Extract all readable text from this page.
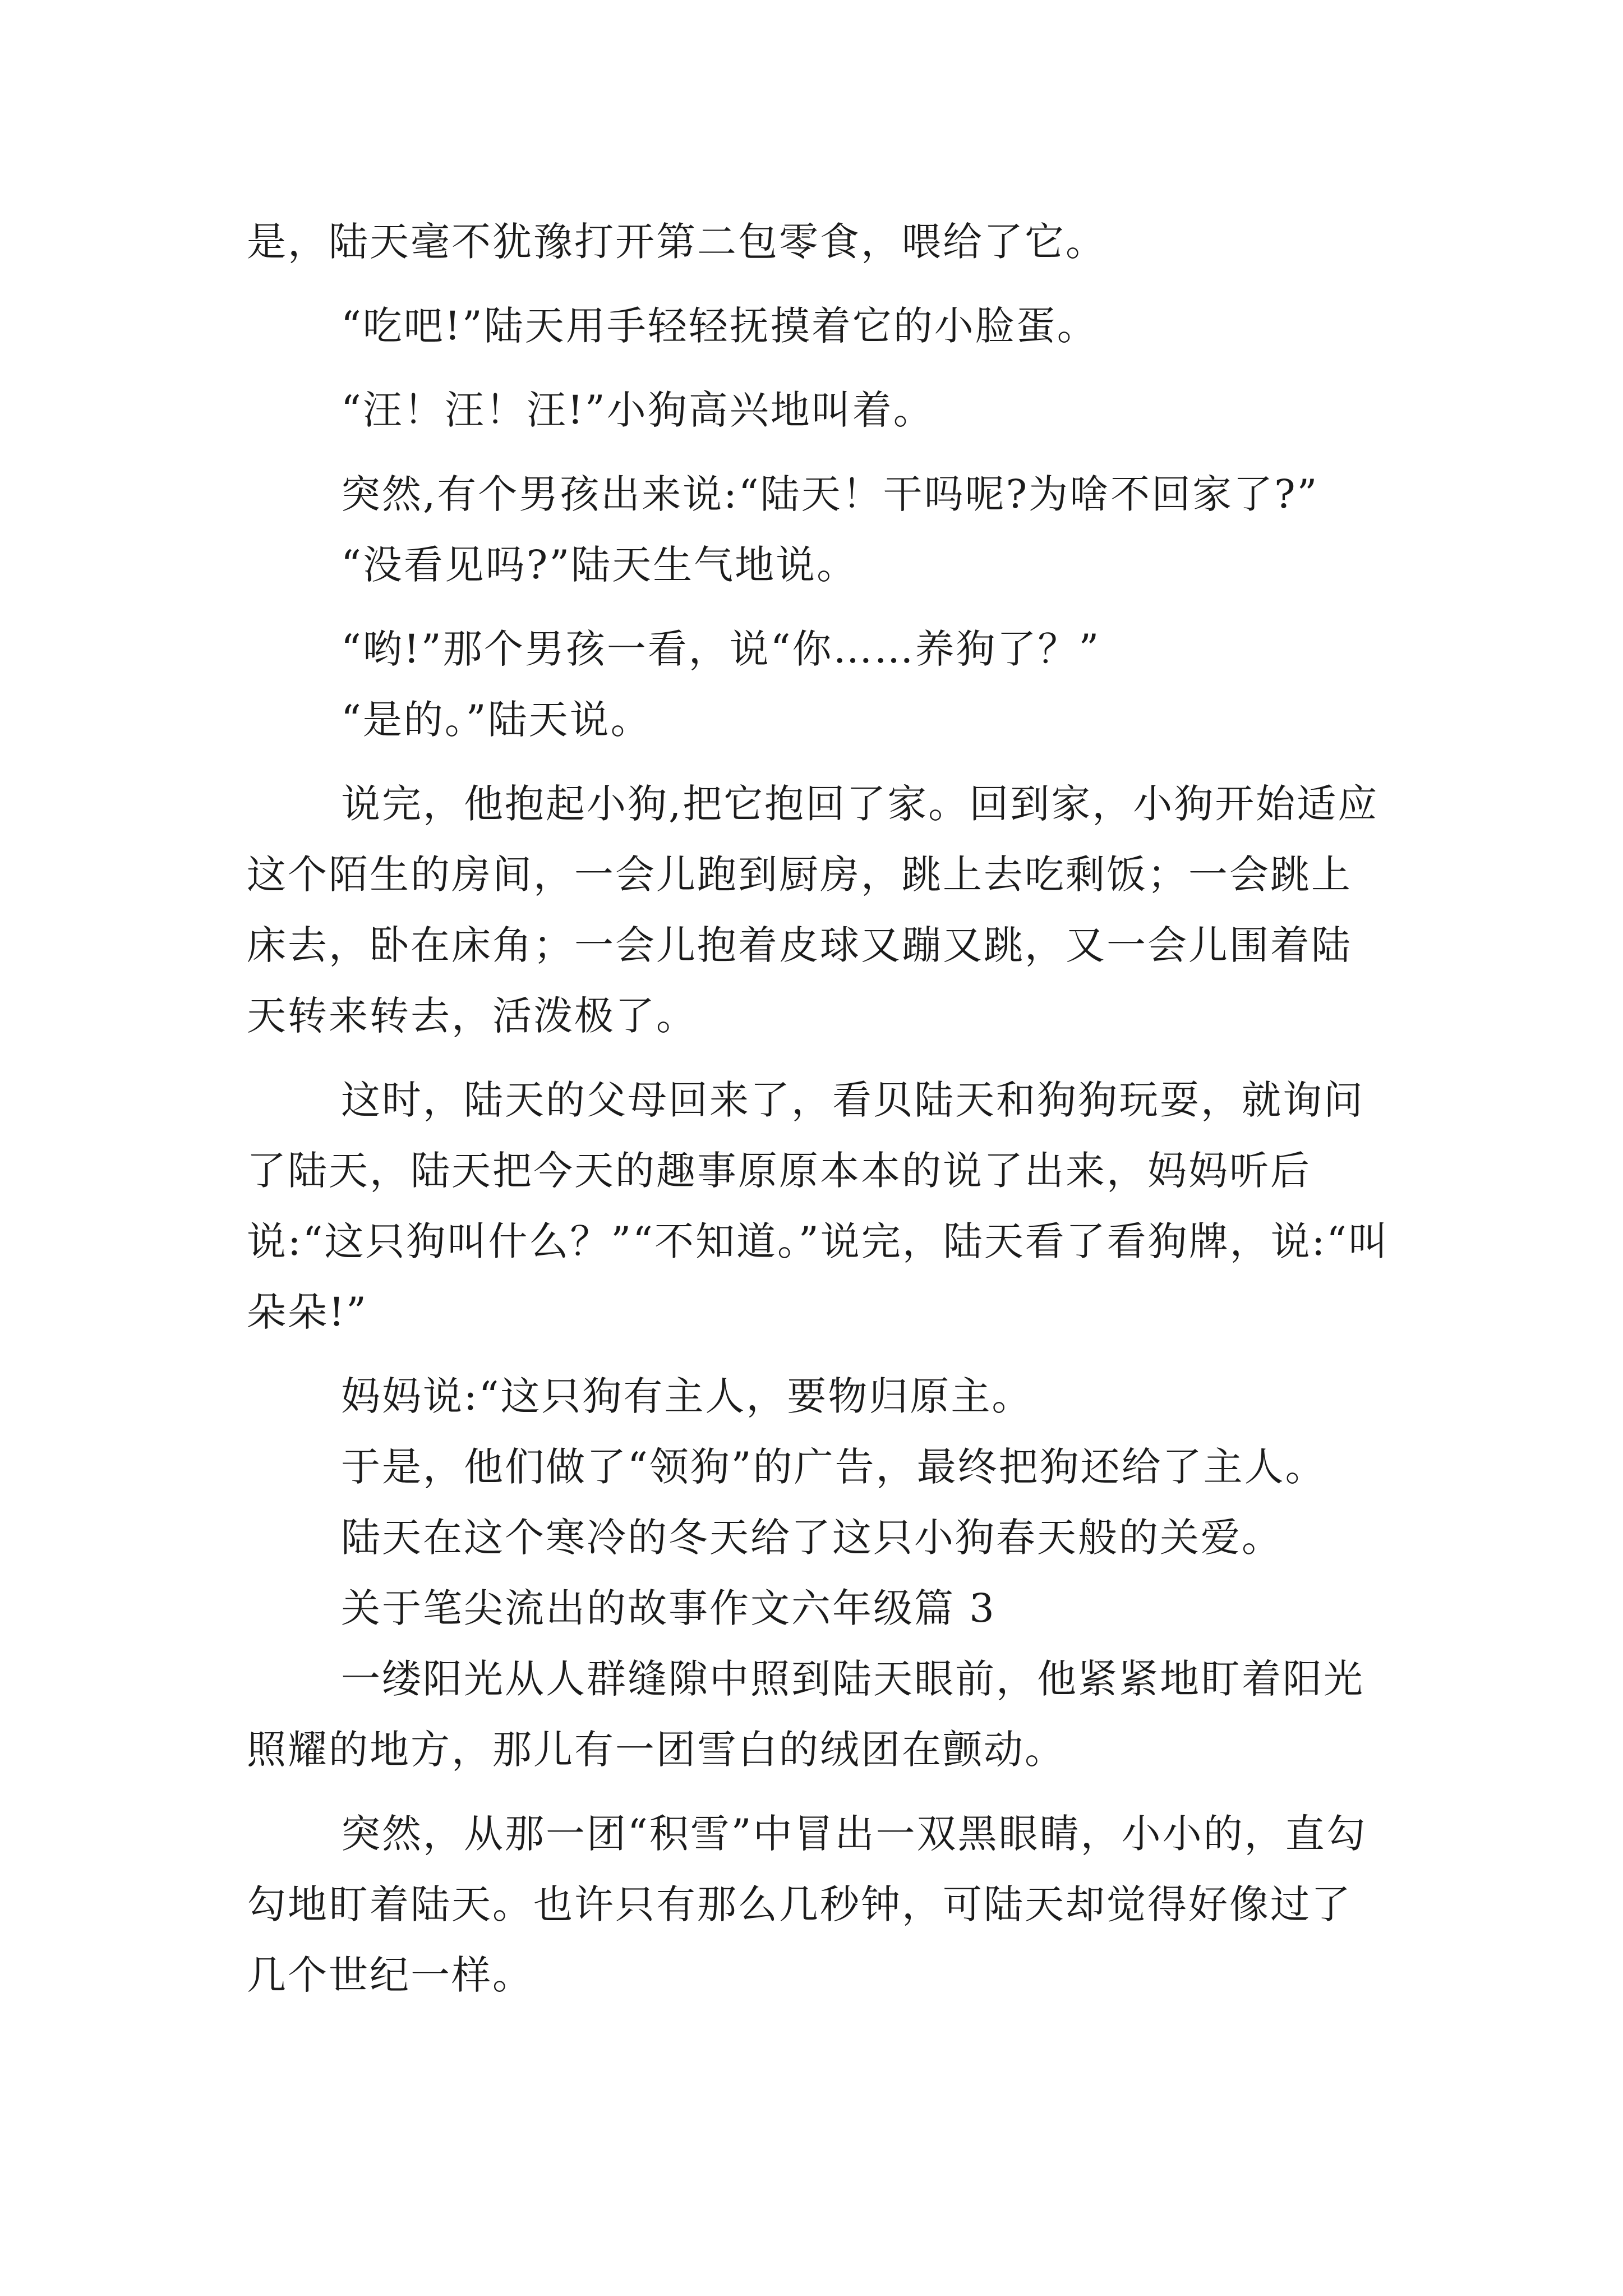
是，陆天毫不犹豫打开第二包零食，喂给了它。

“吃吧!”陆天用手轻轻抚摸着它的小脸蛋。

“汪！汪！汪!”小狗高兴地叫着。

突然,有个男孩出来说:“陆天！干吗呢?为啥不回家了?”

“没看见吗?”陆天生气地说。

“哟!”那个男孩一看，说“你……养狗了？”

“是的。”陆天说。

说完，他抱起小狗,把它抱回了家。回到家，小狗开始适应这个陌生的房间，一会儿跑到厨房，跳上去吃剩饭；一会跳上床去，卧在床角；一会儿抱着皮球又蹦又跳，又一会儿围着陆天转来转去，活泼极了。

这时，陆天的父母回来了，看贝陆天和狗狗玩耍，就询问了陆天，陆天把今天的趣事原原本本的说了出来，妈妈听后说:“这只狗叫什么？”“不知道。”说完，陆天看了看狗牌，说:“叫朵朵!”

妈妈说:“这只狗有主人，要物归原主。

于是，他们做了“领狗”的广告，最终把狗还给了主人。

陆天在这个寒冷的冬天给了这只小狗春天般的关爱。

关于笔尖流出的故事作文六年级篇 3

一缕阳光从人群缝隙中照到陆天眼前，他紧紧地盯着阳光照耀的地方，那儿有一团雪白的绒团在颤动。

突然，从那一团“积雪”中冒出一双黑眼睛，小小的，直勾勾地盯着陆天。也许只有那么几秒钟，可陆天却觉得好像过了几个世纪一样。
